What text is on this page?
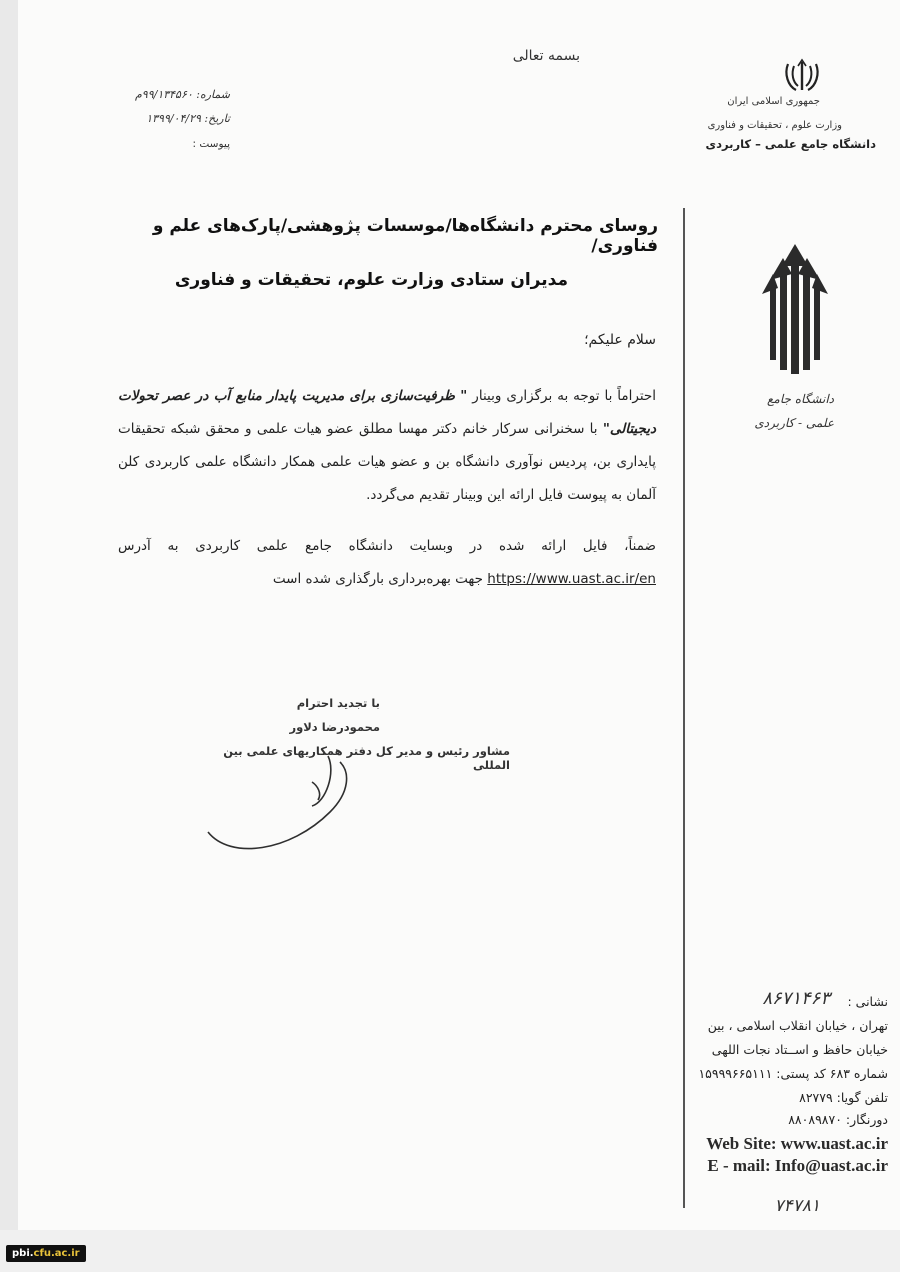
بسمه تعالی
جمهوری اسلامی ایران
وزارت علوم ، تحقیقات و فناوری
دانشگاه جامع علمی – کاربردی
شماره: ۹۹/۱۳۴۵۶۰م
تاریخ: ۱۳۹۹/۰۴/۲۹
پیوست :
دانشگاه جامع
علمی - کاربردی
روسای محترم دانشگاه‌ها/موسسات پژوهشی/پارک‌های علم و فناوری/
مدیران ستادی وزارت علوم، تحقیقات و فناوری
سلام علیکم؛
احتراماً با توجه به برگزاری وبینار " ظرفیت‌سازی برای مدیریت پایدار منابع آب در عصر تحولات دیجیتالی" با سخنرانی سرکار خانم دکتر مهسا مطلق عضو هیات علمی و محقق شبکه تحقیقات پایداری بن، پردیس نوآوری دانشگاه بن و عضو هیات علمی همکار دانشگاه علمی کاربردی کلن آلمان به پیوست فایل ارائه این وبینار تقدیم می‌گردد.
ضمناً، فایل ارائه شده در وبسایت دانشگاه جامع علمی کاربردی به آدرس https://www.uast.ac.ir/en جهت بهره‌برداری بارگذاری شده است
با تجدید احترام
محمودرضا دلاور
مشاور رئیس و مدیر کل دفتر همکاریهای علمی بین المللی
نشانی :
۸۶۷۱۴۶۳
تهران ، خیابان انقلاب اسلامی ، بین
خیابان حافظ و اســتاد نجات اللهی
شماره ۶۸۳ کد پستی: ۱۵۹۹۹۶۶۵۱۱۱
تلفن گویا: ۸۲۷۷۹
دورنگار: ۸۸۰۸۹۸۷۰
Web Site: www.uast.ac.ir
E - mail: Info@uast.ac.ir
۷۴۷۸۱
pbi.cfu.ac.ir
